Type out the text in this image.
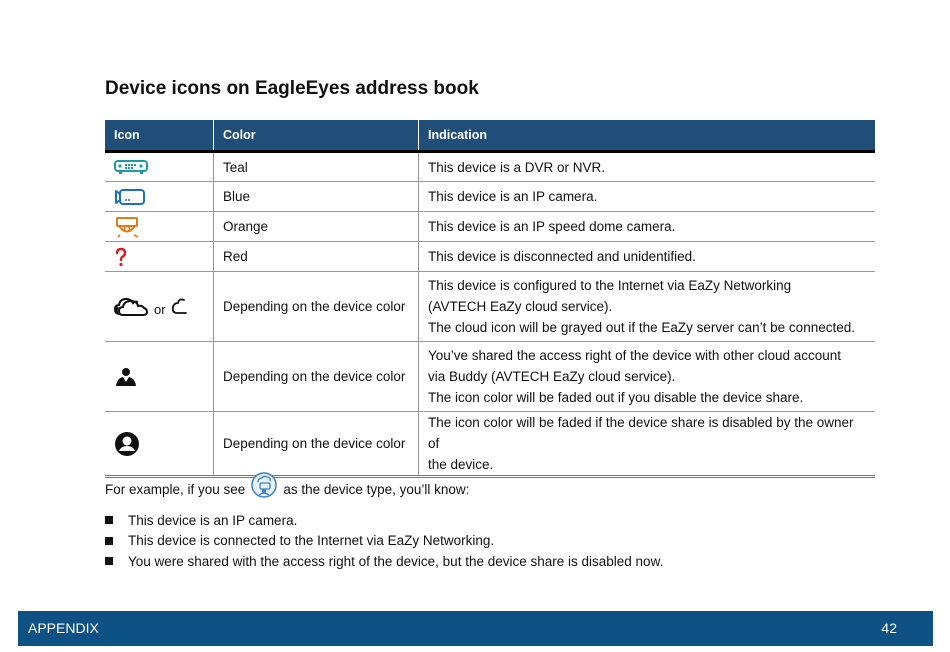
Device icons on EagleEyes address book
Icon	Color	Indication
	Teal	This device is a DVR or NVR.

	Blue	This device is an IP camera.

	Orange	This device is an IP speed dome camera.

	Red	This device is disconnected and unidentified.

or	Depending on the device color	This device is configured to the Internet via EaZy Networking

(AVTECH EaZy cloud service).

The cloud icon will be grayed out if the EaZy server can’t be connected.

	Depending on the device color	You’ve shared the access right of the device with other cloud account

via Buddy (AVTECH EaZy cloud service).

The icon color will be faded out if you disable the device share.

	Depending on the device color	The icon color will be faded if the device share is disabled by the owner of

the device.

For example, if you see	as the device type, you’ll know:
This device is an IP camera.
This device is connected to the Internet via EaZy Networking.
You were shared with the access right of the device, but the device share is disabled now.
APPENDIX	42
